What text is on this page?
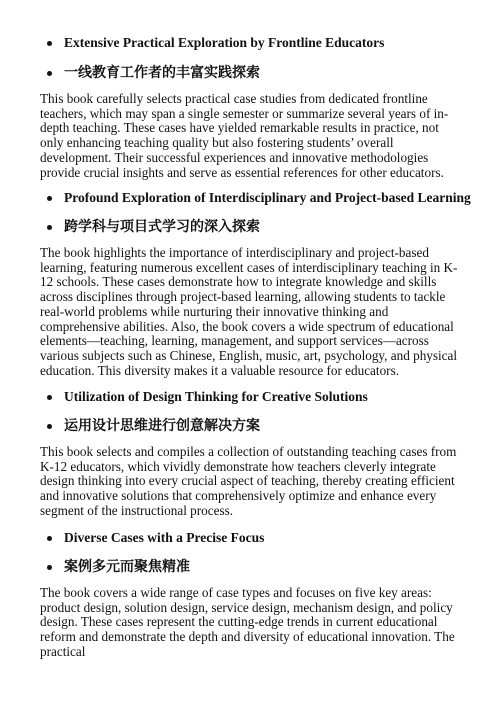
Extensive Practical Exploration by Frontline Educators
一线教育工作者的丰富实践探索

This book carefully selects practical case studies from dedicated frontline teachers, which may span a single semester or summarize several years of in-depth teaching. These cases have yielded remarkable results in practice, not only enhancing teaching quality but also fostering students’ overall development. Their successful experiences and innovative methodologies provide crucial insights and serve as essential references for other educators.

Profound Exploration of Interdisciplinary and Project-based Learning
跨学科与项目式学习的深入探索

The book highlights the importance of interdisciplinary and project-based learning, featuring numerous excellent cases of interdisciplinary teaching in K-12 schools. These cases demonstrate how to integrate knowledge and skills across disciplines through project-based learning, allowing students to tackle real-world problems while nurturing their innovative thinking and comprehensive abilities. Also, the book covers a wide spectrum of educational elements—teaching, learning, management, and support services—across various subjects such as Chinese, English, music, art, psychology, and physical education. This diversity makes it a valuable resource for educators.

Utilization of Design Thinking for Creative Solutions
运用设计思维进行创意解决方案

This book selects and compiles a collection of outstanding teaching cases from K-12 educators, which vividly demonstrate how teachers cleverly integrate design thinking into every crucial aspect of teaching, thereby creating efficient and innovative solutions that comprehensively optimize and enhance every segment of the instructional process.

Diverse Cases with a Precise Focus
案例多元而聚焦精准

The book covers a wide range of case types and focuses on five key areas: product design, solution design, service design, mechanism design, and policy design. These cases represent the cutting-edge trends in current educational reform and demonstrate the depth and diversity of educational innovation. The practical
